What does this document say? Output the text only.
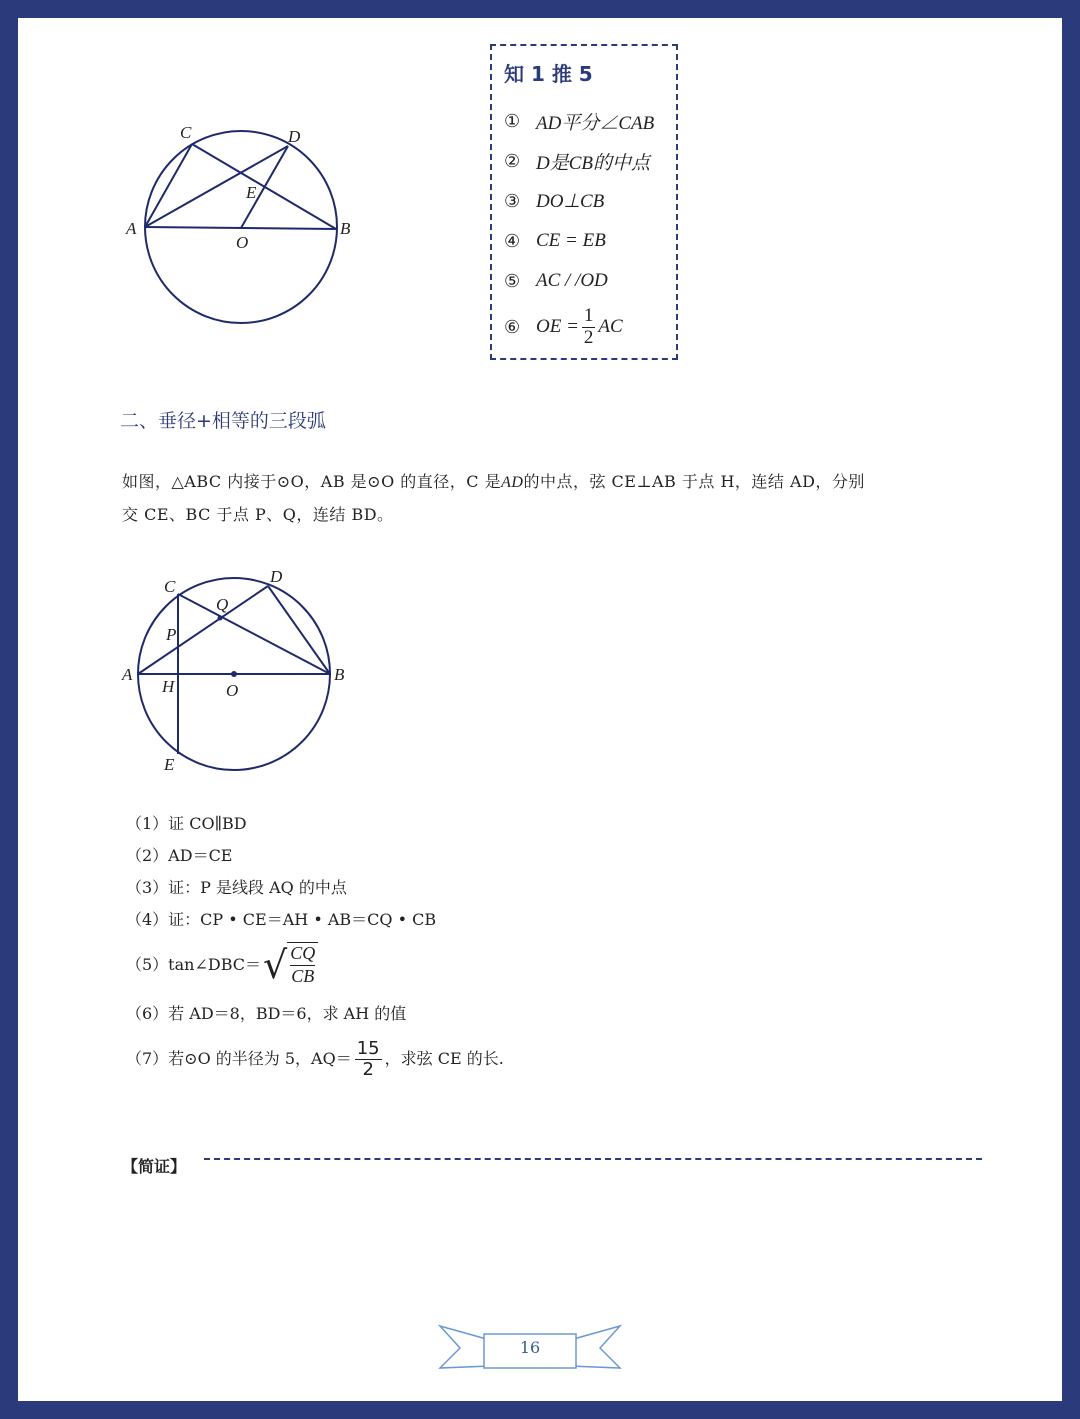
C	D
E
A
O
B
知 1 推 5
① AD平分∠CAB
② D是CB的中点
③ DO⊥CB
④ CE = EB
⑤ AC / /OD
⑥ OE = $\frac{1}{2}$ AC
二、垂径+相等的三段弧
如图，△ABC 内接于⊙O，AB 是⊙O 的直径，C 是AD的中点，弦 CE⊥AB 于点 H，连结 AD，分别
交 CE、BC 于点 P、Q，连结 BD。
D
C
Q
P
A
H	O
B
E
（1）证 CO∥BD
（2）AD＝CE
（3）证：P 是线段 AQ 的中点
（4）证：CP • CE＝AH • AB＝CQ • CB
（5）tan∠DBC＝ √ $\frac{CQ}{CB}$
（6）若 AD＝8，BD＝6，求 AH 的值
（7）若⊙O 的半径为 5，$AQ= \frac{15}{2}$ ，求弦 CE 的长.
【简证】
16
